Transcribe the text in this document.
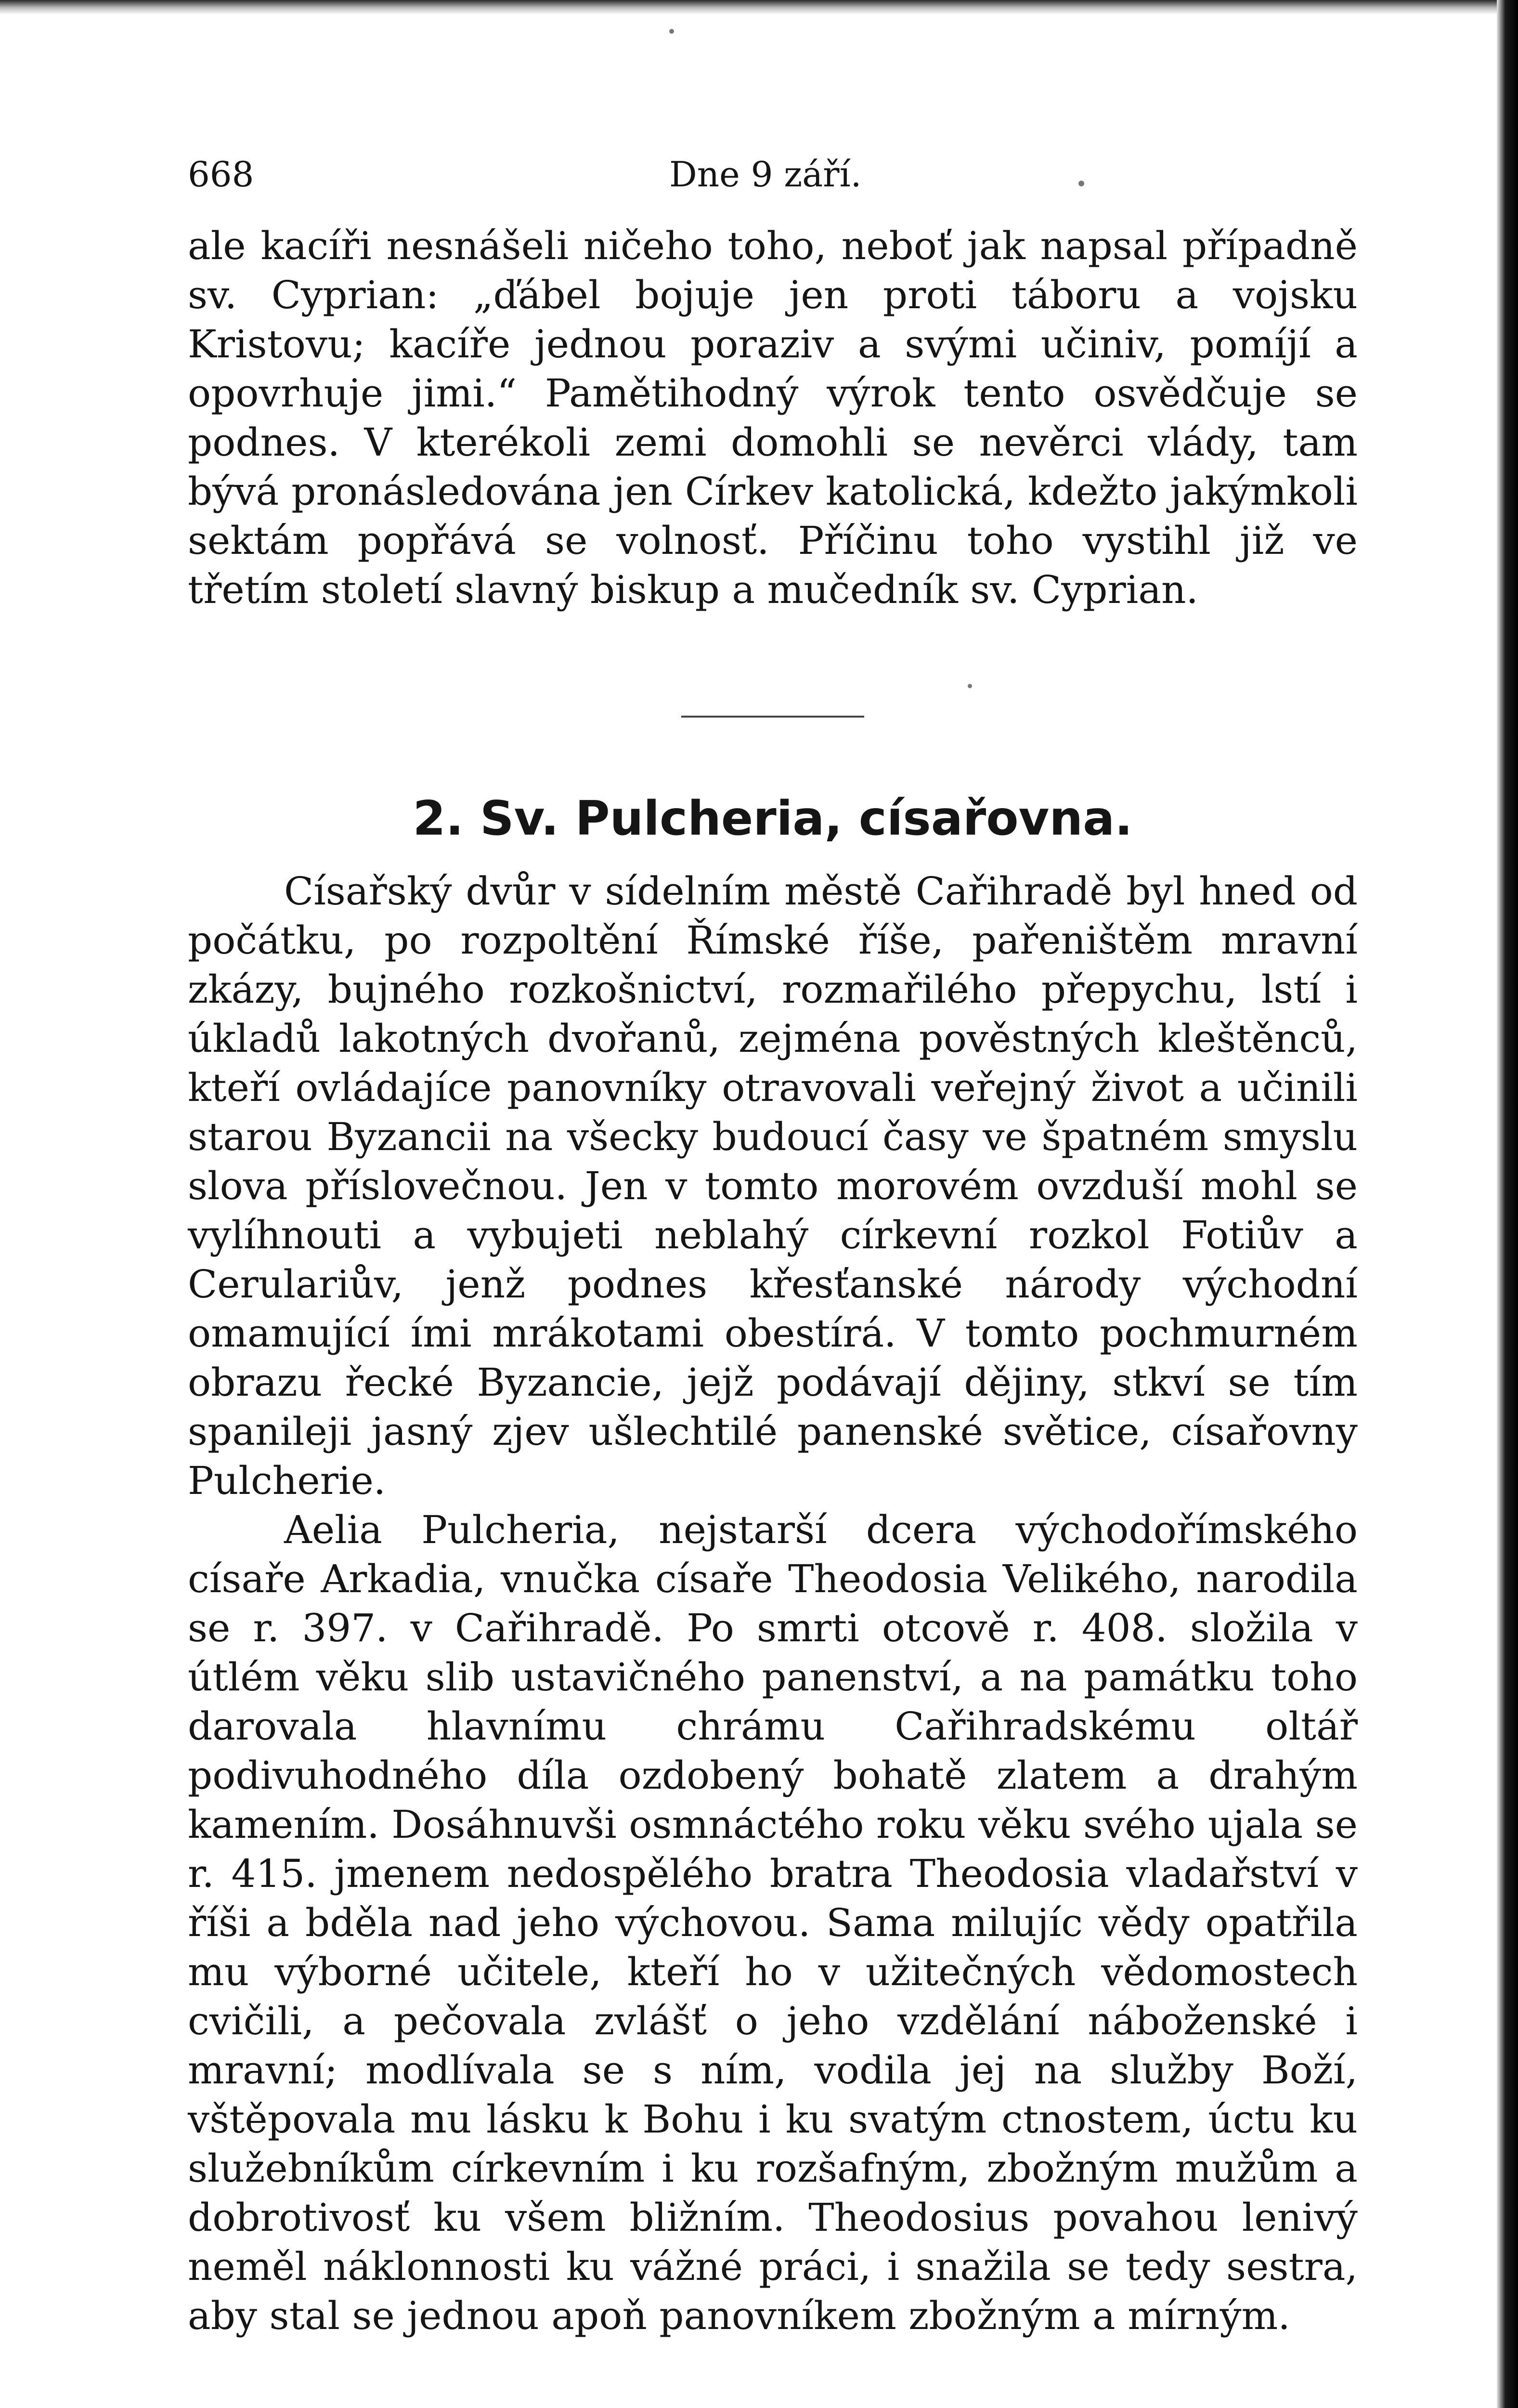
668	Dne 9 září.

ale kacíři nesnášeli ničeho toho, neboť jak napsal případně sv. Cyprian: „ďábel bojuje jen proti táboru a vojsku Kristovu; kacíře jednou poraziv a svými učiniv, pomíjí a opovrhuje jimi.“ Pamětihodný výrok tento osvědčuje se podnes. V kterékoli zemi domohli se nevěrci vlády, tam bývá pronásledována jen Církev katolická, kdežto jakýmkoli sektám popřává se volnosť. Příčinu toho vystihl již ve třetím století slavný biskup a mučedník sv. Cyprian.

2. Sv. Pulcheria, císařovna.

Císařský dvůr v sídelním městě Cařihradě byl hned od počátku, po rozpoltění Římské říše, pařeništěm mravní zkázy, bujného rozkošnictví, rozmařilého přepychu, lstí i úkladů lakotných dvořanů, zejména pověstných kleštěnců, kteří ovládajíce panovníky otravovali veřejný život a učinili starou Byzancii na všecky budoucí časy ve špatném smyslu slova příslovečnou. Jen v tomto morovém ovzduší mohl se vylíhnouti a vybujeti neblahý církevní rozkol Fotiův a Cerulariův, jenž podnes křesťanské národy východní omamující ími mrákotami obestírá. V tomto pochmurném obrazu řecké Byzancie, jejž podávají dějiny, stkví se tím spanileji jasný zjev ušlechtilé panenské světice, císařovny Pulcherie.

Aelia Pulcheria, nejstarší dcera východořímského císaře Arkadia, vnučka císaře Theodosia Velikého, narodila se r. 397. v Cařihradě. Po smrti otcově r. 408. složila v útlém věku slib ustavičného panenství, a na památku toho darovala hlavnímu chrámu Cařihradskému oltář podivuhodného díla ozdobený bohatě zlatem a drahým kamením. Dosáhnuvši osmnáctého roku věku svého ujala se r. 415. jmenem nedospělého bratra Theodosia vladařství v říši a bděla nad jeho výchovou. Sama milujíc vědy opatřila mu výborné učitele, kteří ho v užitečných vědomostech cvičili, a pečovala zvlášť o jeho vzdělání náboženské i mravní; modlívala se s ním, vodila jej na služby Boží, vštěpovala mu lásku k Bohu i ku svatým ctnostem, úctu ku služebníkům církevním i ku rozšafným, zbožným mužům a dobrotivosť ku všem bližním. Theodosius povahou lenivý neměl náklonnosti ku vážné práci, i snažila se tedy sestra, aby stal se jednou apoň panovníkem zbožným a mírným.
